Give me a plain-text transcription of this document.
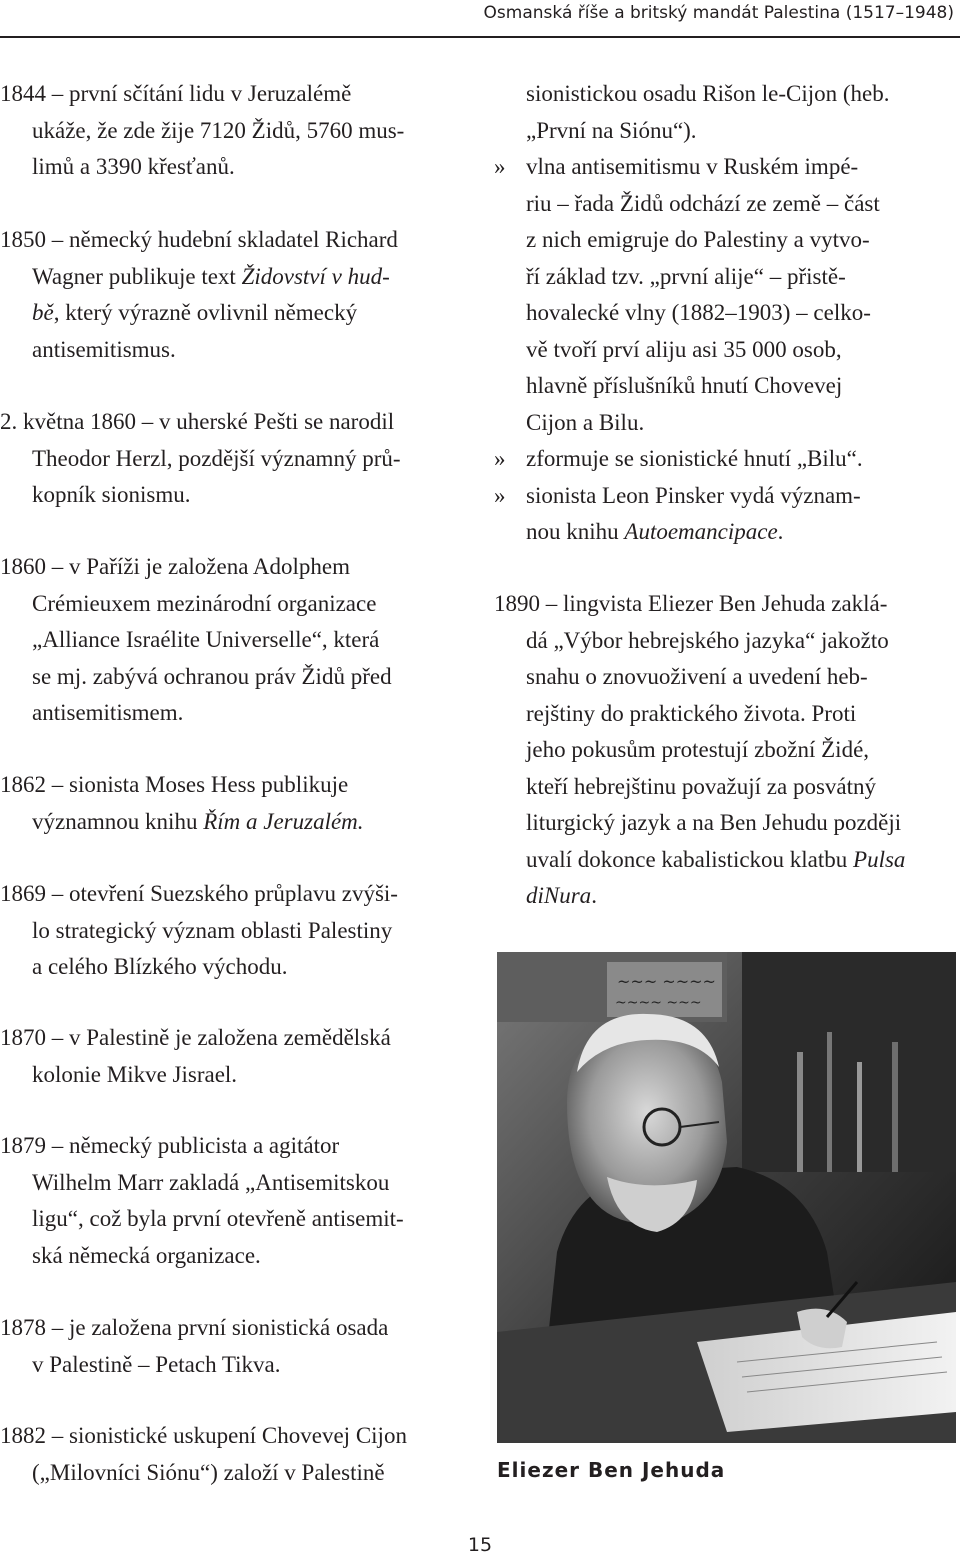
Osmanská říše a britský mandát Palestina (1517–1948)
1844 – první sčítání lidu v Jeruzalémě
ukáže, že zde žije 7120 Židů, 5760 mus-
limů a 3390 křesťanů.
1850 – německý hudební skladatel Richard
Wagner publikuje text Židovství v hud-
bě, který výrazně ovlivnil německý
antisemitismus.
2. května 1860 – v uherské Pešti se narodil
Theodor Herzl, pozdější významný prů-
kopník sionismu.
1860 – v Paříži je založena Adolphem
Crémieuxem mezinárodní organizace
„Alliance Israélite Universelle“, která
se mj. zabývá ochranou práv Židů před
antisemitismem.
1862 – sionista Moses Hess publikuje
významnou knihu Řím a Jeruzalém.
1869 – otevření Suezského průplavu zvýši-
lo strategický význam oblasti Palestiny
a celého Blízkého východu.
1870 – v Palestině je založena zemědělská
kolonie Mikve Jisrael.
1879 – německý publicista a agitátor
Wilhelm Marr zakladá „Antisemitskou
ligu“, což byla první otevřeně antisemit-
ská německá organizace.
1878 – je založena první sionistická osada
v Palestině – Petach Tikva.
1882 – sionistické uskupení Chovevej Cijon
(„Milovníci Siónu“) založí v Palestině
sionistickou osadu Rišon le-Cijon (heb.
„První na Siónu“).
» vlna antisemitismu v Ruském impé-
riu – řada Židů odchází ze země – část
z nich emigruje do Palestiny a vytvo-
ří základ tzv. „první alije“ – přistě-
hovalecké vlny (1882–1903) – celko-
vě tvoří prví aliju asi 35 000 osob,
hlavně příslušníků hnutí Chovevej
Cijon a Bilu.
» zformuje se sionistické hnutí „Bilu“.
» sionista Leon Pinsker vydá význam-
nou knihu Autoemancipace.
1890 – lingvista Eliezer Ben Jehuda zaklá-
dá „Výbor hebrejského jazyka“ jakožto
snahu o znovuoživení a uvedení heb-
rejštiny do praktického života. Proti
jeho pokusům protestují zbožní Židé,
kteří hebrejštinu považují za posvátný
liturgický jazyk a na Ben Jehudu později
uvalí dokonce kabalistickou klatbu Pulsa
diNura.
~~~ ~~~~
~~~~ ~~~
Eliezer Ben Jehuda
15
